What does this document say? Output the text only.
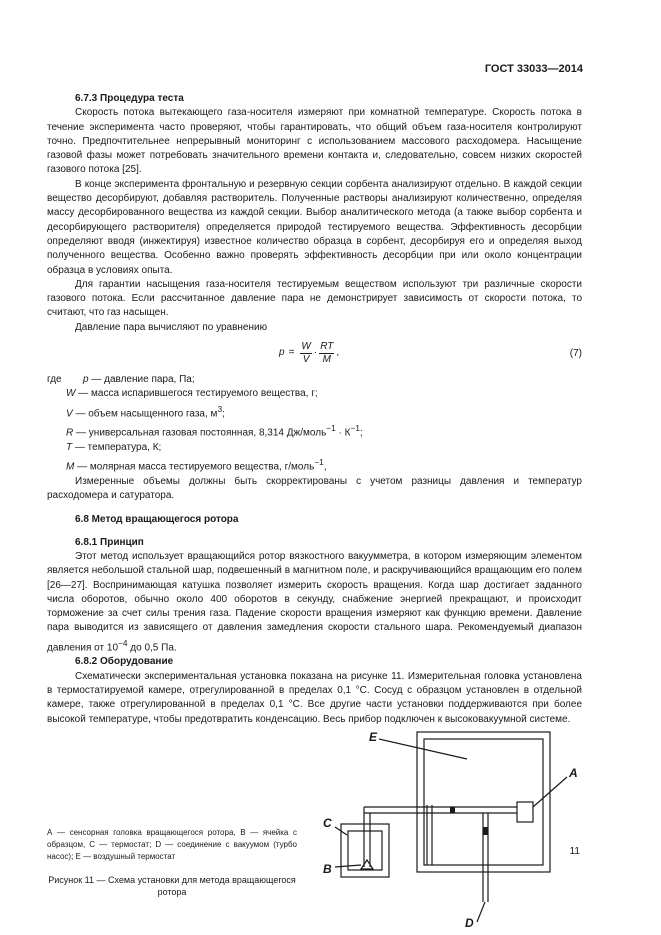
ГОСТ 33033—2014

6.7.3 Процедура теста

Скорость потока вытекающего газа-носителя измеряют при комнатной температуре. Скорость потока в течение эксперимента часто проверяют, чтобы гарантировать, что общий объем газа-носителя контролируют точно. Предпочтительнее непрерывный мониторинг с использованием массового расходомера. Насыщение газовой фазы может потребовать значительного времени контакта и, следовательно, совсем низких скоростей газового потока [25].

В конце эксперимента фронтальную и резервную секции сорбента анализируют отдельно. В каждой секции вещество десорбируют, добавляя растворитель. Полученные растворы анализируют количественно, определяя массу десорбированного вещества из каждой секции. Выбор аналитического метода (а также выбор сорбента и десорбирующего растворителя) определяется природой тестируемого вещества. Эффективность десорбции определяют вводя (инжектируя) известное количество образца в сорбент, десорбируя его и определяя выход полученного вещества. Особенно важно проверять эффективность десорбции при или около концентрации образца в условиях опыта.

Для гарантии насыщения газа-носителя тестируемым веществом используют три различные скорости газового потока. Если рассчитанное давление пара не демонстрирует зависимость от скорости потока, то считают, что газ насыщен.

Давление пара вычисляют по уравнению

$p = \frac{W}{V} \cdot \frac{RT}{M}$ ,	(7)
где	p — давление пара, Па;
W — масса испарившегося тестируемого вещества, г;
V — объем насыщенного газа, $м^3$;
R — универсальная газовая постоянная, 8,314 Дж/моль$^{-1}$ · $К^{-1}$;
T — температура, К;
M — молярная масса тестируемого вещества, г/моль$^{-1}$,

Измеренные объемы должны быть скорректированы с учетом разницы давления и температур расходомера и сатуратора.

6.8 Метод вращающегося ротора

6.8.1 Принцип

Этот метод использует вращающийся ротор вязкостного вакуумметра, в котором измеряющим элементом является небольшой стальной шар, подвешенный в магнитном поле, и раскручивающийся вращающим его полем [26—27]. Воспринимающая катушка позволяет измерить скорость вращения. Когда шар достигает заданного числа оборотов, обычно около 400 оборотов в секунду, снабжение энергией прекращают, и происходит торможение за счет силы трения газа. Падение скорости вращения измеряют как функцию времени. Давление пара выводится из зависящего от давления замедления скорости стального шара. Рекомендуемый диапазон давления от $10^{-4}$ до 0,5 Па.

6.8.2 Оборудование

Схематически экспериментальная установка показана на рисунке 11. Измерительная головка установлена в термостатируемой камере, отрегулированной в пределах 0,1 °С. Сосуд с образцом установлен в отдельной камере, также отрегулированной в пределах 0,1 °С. Все другие части установки поддерживаются при более высокой температуре, чтобы предотвратить конденсацию. Весь прибор подключен к высоковакуумной системе.

А — сенсорная головка вращающегося ротора, В — ячейка с образцом, С — термостат; D — соединение с вакуумом (турбо насос); Е — воздушный термостат
Рисунок 11 — Схема установки для метода вращающегося ротора
E
A
C
B
D
11
